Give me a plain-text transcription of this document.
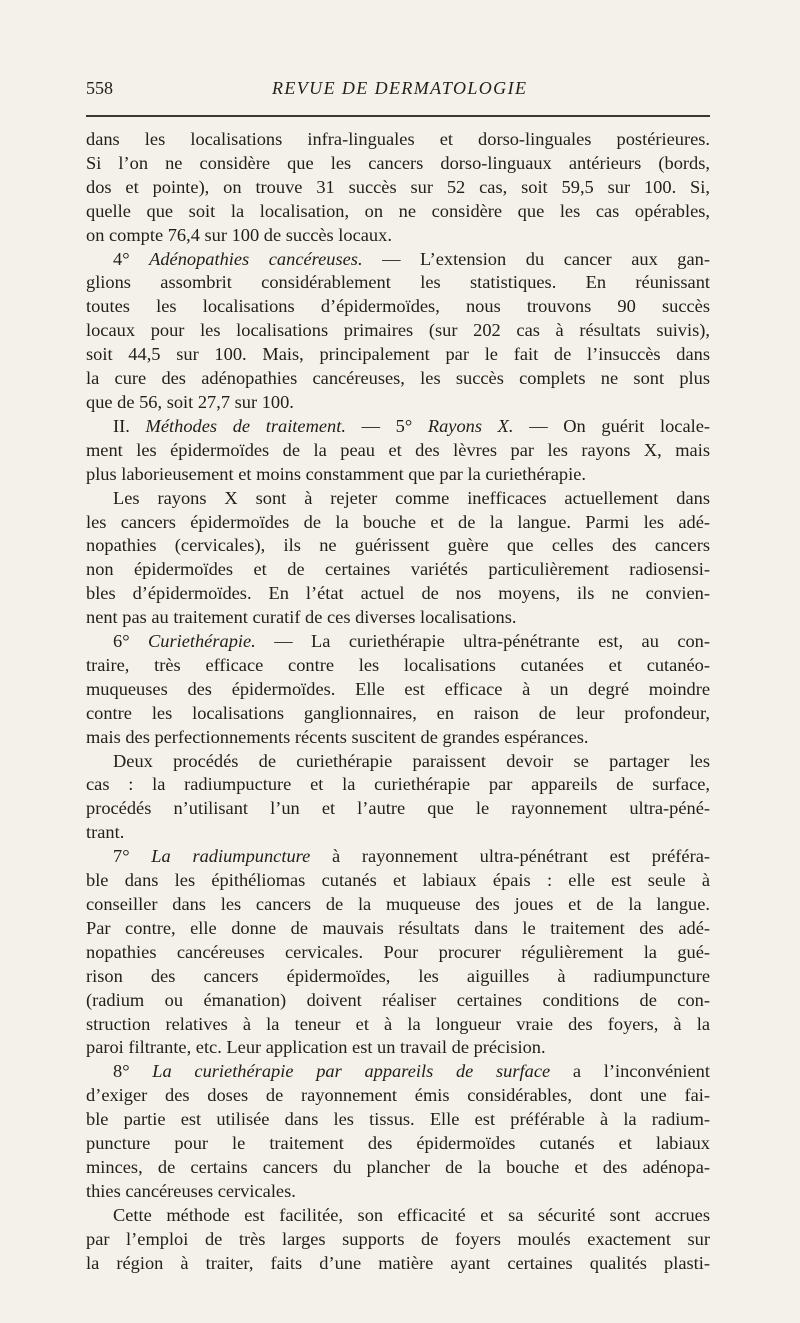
558	REVUE DE DERMATOLOGIE
dans les localisations infra-linguales et dorso-linguales postérieures.
Si l’on ne considère que les cancers dorso-linguaux antérieurs (bords,
dos et pointe), on trouve 31 succès sur 52 cas, soit 59,5 sur 100. Si,
quelle que soit la localisation, on ne considère que les cas opérables,
on compte 76,4 sur 100 de succès locaux.
4° Adénopathies cancéreuses. — L’extension du cancer aux gan-
glions assombrit considérablement les statistiques. En réunissant
toutes les localisations d’épidermoïdes, nous trouvons 90 succès
locaux pour les localisations primaires (sur 202 cas à résultats suivis),
soit 44,5 sur 100. Mais, principalement par le fait de l’insuccès dans
la cure des adénopathies cancéreuses, les succès complets ne sont plus
que de 56, soit 27,7 sur 100.
II. Méthodes de traitement. — 5° Rayons X. — On guérit locale-
ment les épidermoïdes de la peau et des lèvres par les rayons X, mais
plus laborieusement et moins constamment que par la curiethérapie.
Les rayons X sont à rejeter comme inefficaces actuellement dans
les cancers épidermoïdes de la bouche et de la langue. Parmi les adé-
nopathies (cervicales), ils ne guérissent guère que celles des cancers
non épidermoïdes et de certaines variétés particulièrement radiosensi-
bles d’épidermoïdes. En l’état actuel de nos moyens, ils ne convien-
nent pas au traitement curatif de ces diverses localisations.
6° Curiethérapie. — La curiethérapie ultra-pénétrante est, au con-
traire, très efficace contre les localisations cutanées et cutanéo-
muqueuses des épidermoïdes. Elle est efficace à un degré moindre
contre les localisations ganglionnaires, en raison de leur profondeur,
mais des perfectionnements récents suscitent de grandes espérances.
Deux procédés de curiethérapie paraissent devoir se partager les
cas : la radiumpucture et la curiethérapie par appareils de surface,
procédés n’utilisant l’un et l’autre que le rayonnement ultra-péné-
trant.
7° La radiumpuncture à rayonnement ultra-pénétrant est préféra-
ble dans les épithéliomas cutanés et labiaux épais : elle est seule à
conseiller dans les cancers de la muqueuse des joues et de la langue.
Par contre, elle donne de mauvais résultats dans le traitement des adé-
nopathies cancéreuses cervicales. Pour procurer régulièrement la gué-
rison des cancers épidermoïdes, les aiguilles à radiumpuncture
(radium ou émanation) doivent réaliser certaines conditions de con-
struction relatives à la teneur et à la longueur vraie des foyers, à la
paroi filtrante, etc. Leur application est un travail de précision.
8° La curiethérapie par appareils de surface a l’inconvénient
d’exiger des doses de rayonnement émis considérables, dont une fai-
ble partie est utilisée dans les tissus. Elle est préférable à la radium-
puncture pour le traitement des épidermoïdes cutanés et labiaux
minces, de certains cancers du plancher de la bouche et des adénopa-
thies cancéreuses cervicales.
Cette méthode est facilitée, son efficacité et sa sécurité sont accrues
par l’emploi de très larges supports de foyers moulés exactement sur
la région à traiter, faits d’une matière ayant certaines qualités plasti-
